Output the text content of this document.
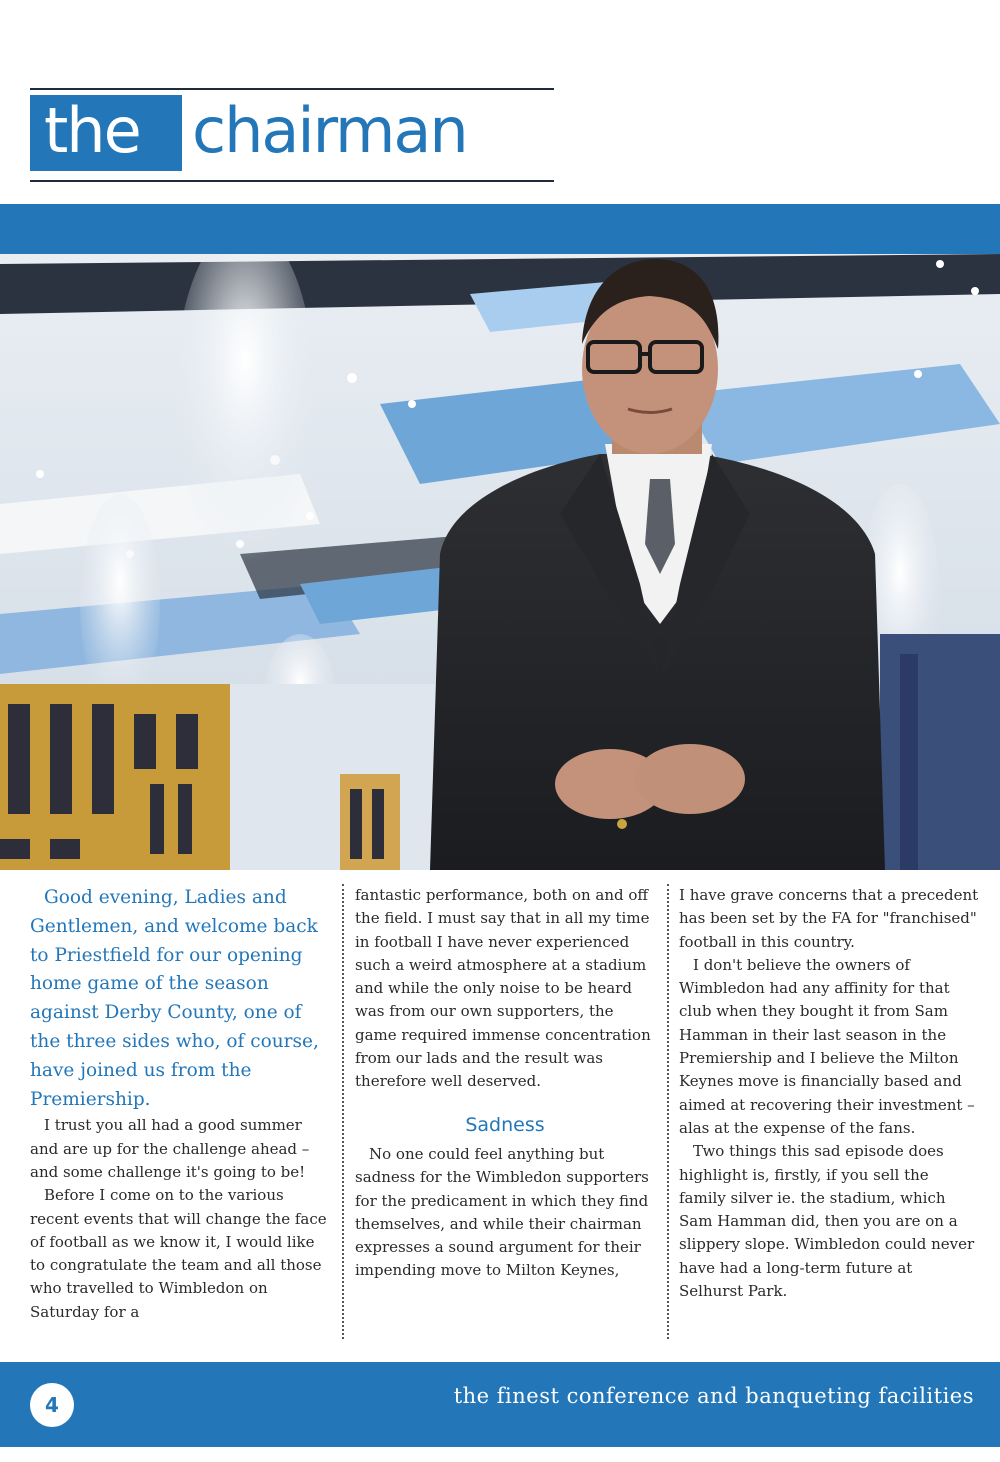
the chairman

Good evening, Ladies and Gentlemen, and welcome back to Priestfield for our opening home game of the season against Derby County, one of the three sides who, of course, have joined us from the Premiership.

I trust you all had a good summer and are up for the challenge ahead – and some challenge it's going to be!

Before I come on to the various recent events that will change the face of football as we know it, I would like to congratulate the team and all those who travelled to Wimbledon on Saturday for a

fantastic performance, both on and off the field. I must say that in all my time in football I have never experienced such a weird atmosphere at a stadium and while the only noise to be heard was from our own supporters, the game required immense concentration from our lads and the result was therefore well deserved.

Sadness

No one could feel anything but sadness for the Wimbledon supporters for the predicament in which they find themselves, and while their chairman expresses a sound argument for their impending move to Milton Keynes,

I have grave concerns that a precedent has been set by the FA for "franchised" football in this country.

I don't believe the owners of Wimbledon had any affinity for that club when they bought it from Sam Hamman in their last season in the Premiership and I believe the Milton Keynes move is financially based and aimed at recovering their investment – alas at the expense of the fans.

Two things this sad episode does highlight is, firstly, if you sell the family silver ie. the stadium, which Sam Hamman did, then you are on a slippery slope. Wimbledon could never have had a long-term future at Selhurst Park.

4	the finest conference and banqueting facilities
